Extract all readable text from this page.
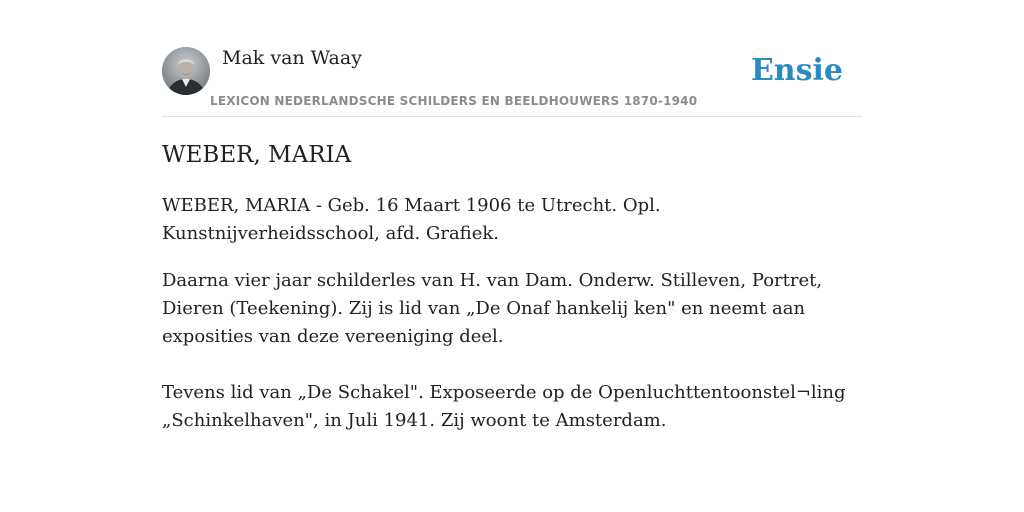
Mak van Waay
LEXICON NEDERLANDSCHE SCHILDERS EN BEELDHOUWERS 1870-1940
Ensie
WEBER, MARIA

WEBER, MARIA - Geb. 16 Maart 1906 te Utrecht. Opl. Kunstnijverheidsschool, afd. Grafiek.

Daarna vier jaar schilderles van H. van Dam. Onderw. Stilleven, Portret, Dieren (Teekening). Zij is lid van „De Onaf hankelij ken" en neemt aan exposities van deze vereeniging deel.

Tevens lid van „De Schakel". Exposeerde op de Openluchttentoonstel¬ling „Schinkelhaven", in Juli 1941. Zij woont te Amsterdam.
